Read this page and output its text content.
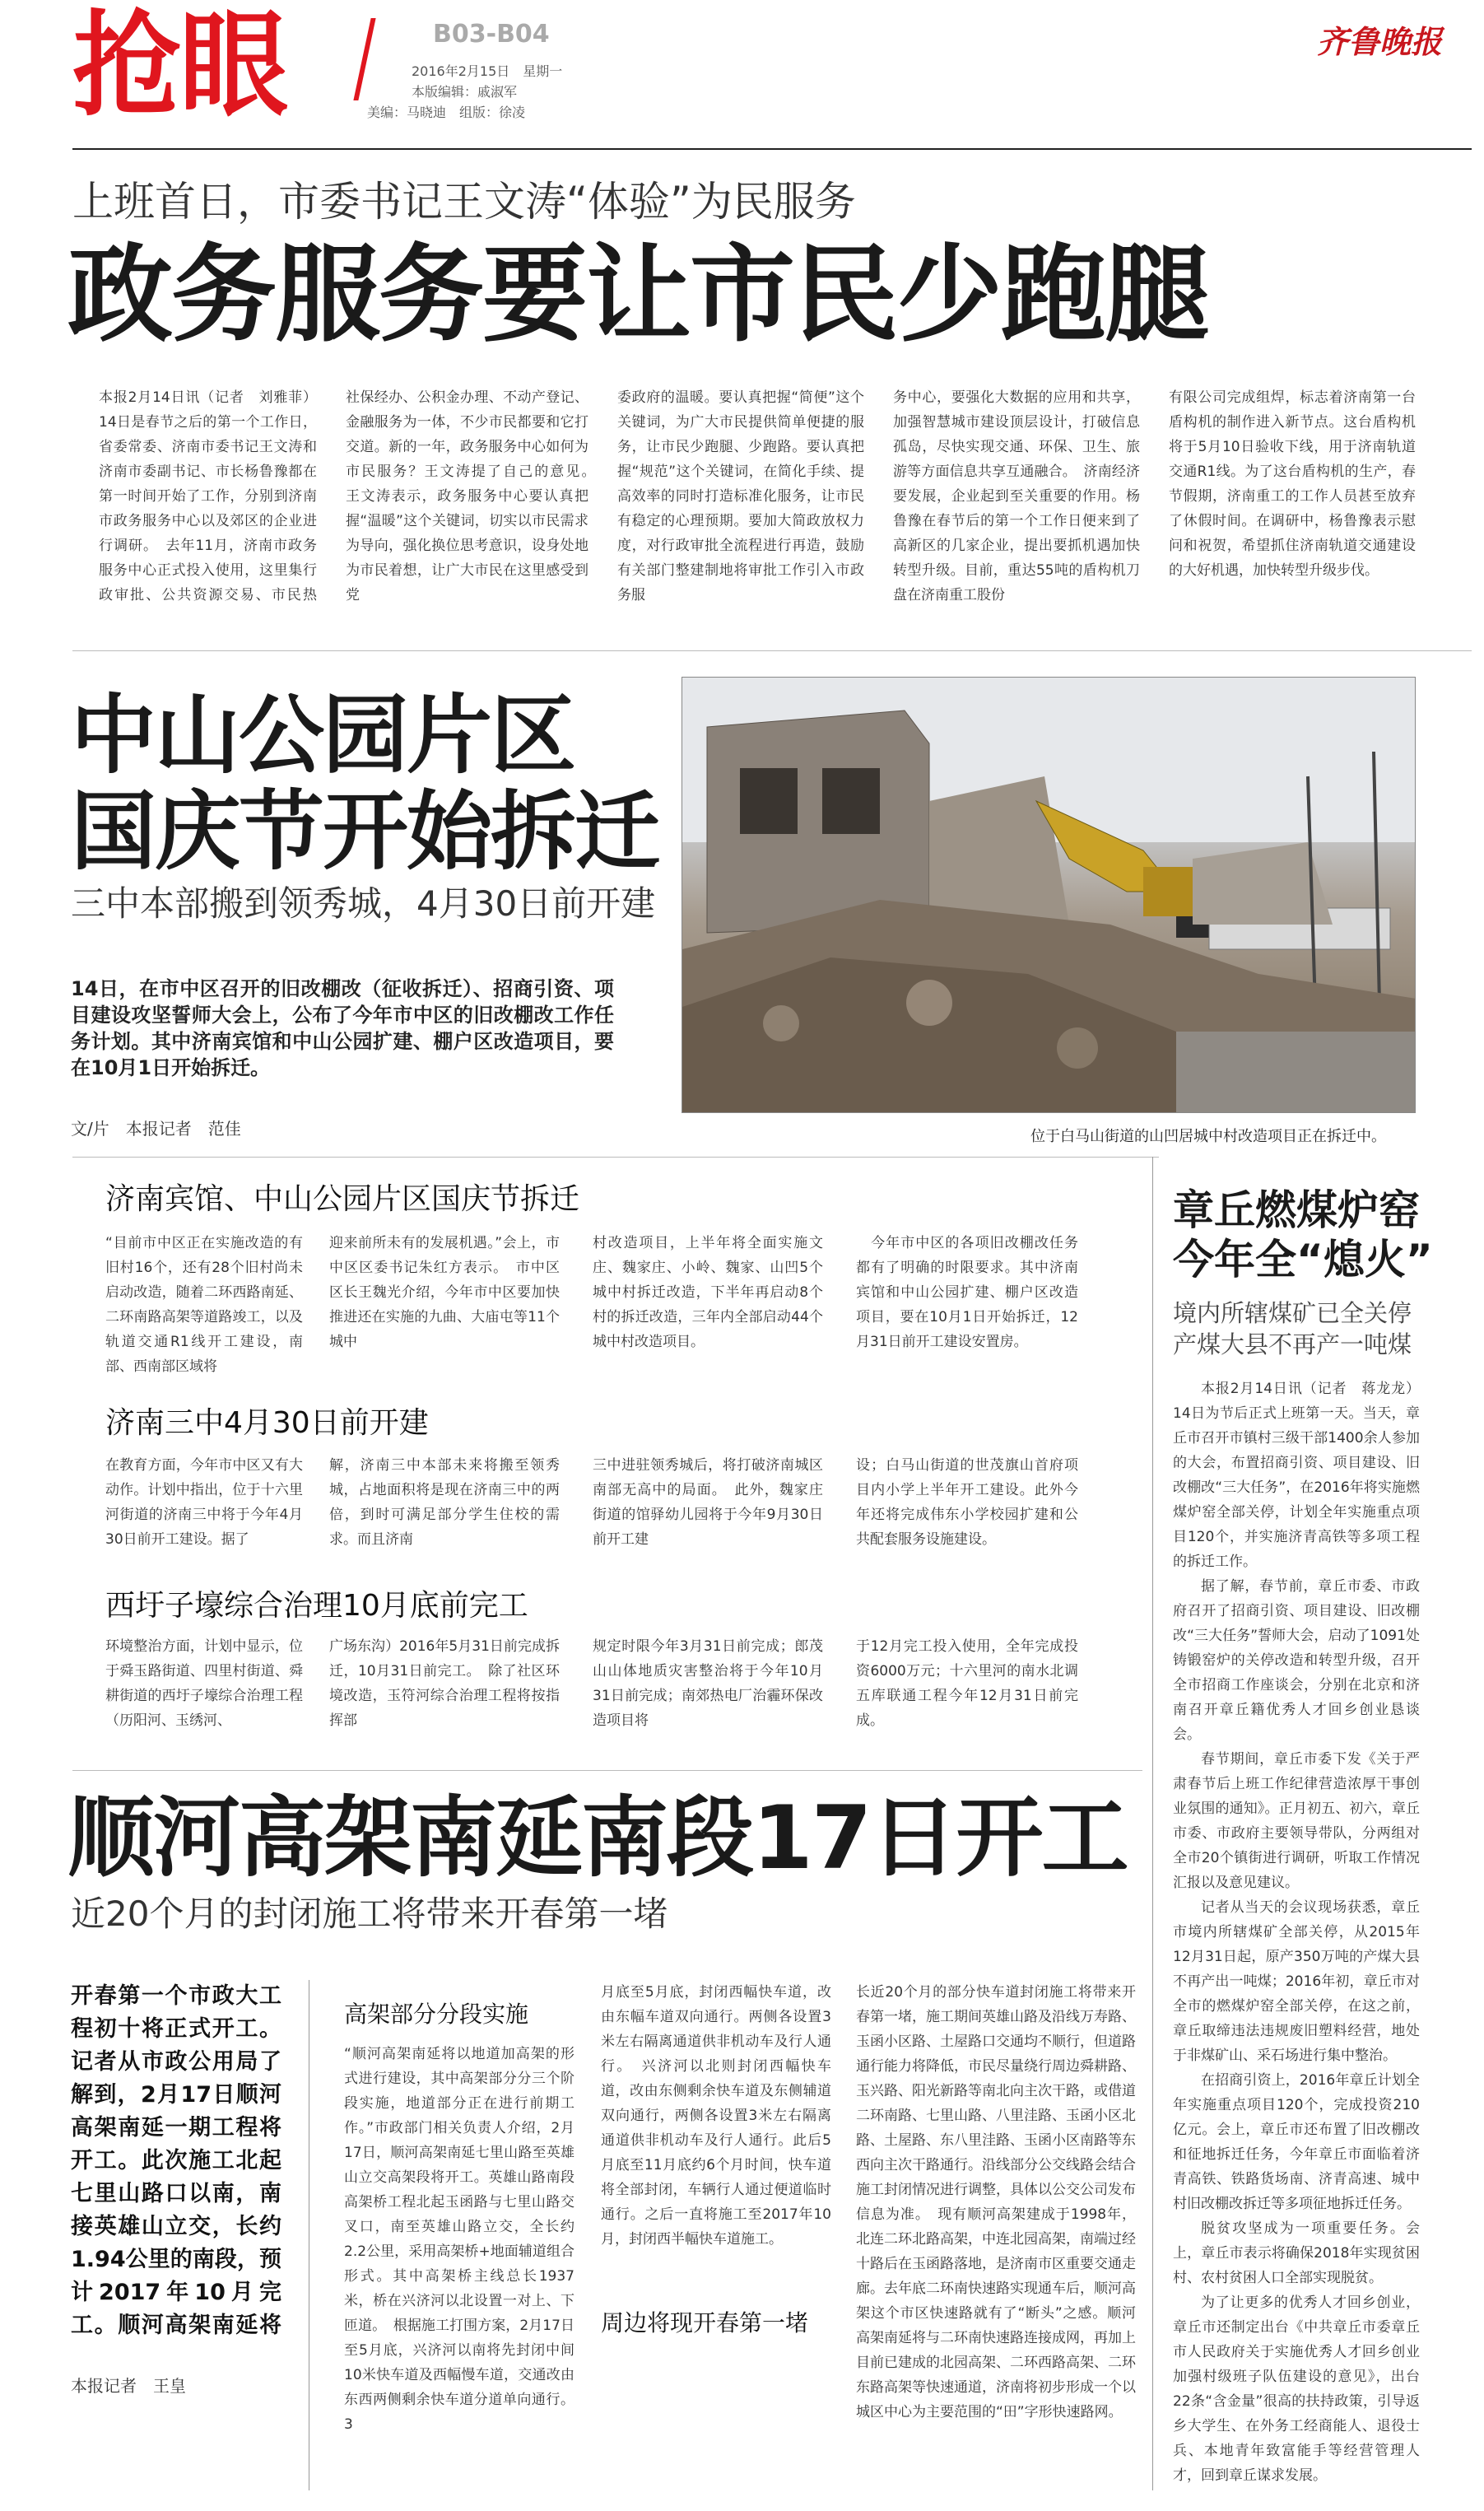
抢眼	B03-B04
2016年2月15日　星期一
本版编辑：戚淑军
美编：马晓迪　组版：徐凌
齐鲁晚报
上班首日，市委书记王文涛“体验”为民服务
政务服务要让市民少跑腿
本报2月14日讯（记者　刘雅菲）14日是春节之后的第一个工作日，省委常委、济南市委书记王文涛和济南市委副书记、市长杨鲁豫都在第一时间开始了工作，分别到济南市政务服务中心以及郊区的企业进行调研。　去年11月，济南市政务服务中心正式投入使用，这里集行政审批、公共资源交易、市民热
社保经办、公积金办理、不动产登记、金融服务为一体，不少市民都要和它打交道。新的一年，政务服务中心如何为市民服务？王文涛提了自己的意见。　王文涛表示，政务服务中心要认真把握“温暖”这个关键词，切实以市民需求为导向，强化换位思考意识，设身处地为市民着想，让广大市民在这里感受到党
委政府的温暖。要认真把握“简便”这个关键词，为广大市民提供简单便捷的服务，让市民少跑腿、少跑路。要认真把握“规范”这个关键词，在简化手续、提高效率的同时打造标准化服务，让市民有稳定的心理预期。要加大简政放权力度，对行政审批全流程进行再造，鼓励有关部门整建制地将审批工作引入市政务服
务中心，要强化大数据的应用和共享，加强智慧城市建设顶层设计，打破信息孤岛，尽快实现交通、环保、卫生、旅游等方面信息共享互通融合。　济南经济要发展，企业起到至关重要的作用。杨鲁豫在春节后的第一个工作日便来到了高新区的几家企业，提出要抓机遇加快转型升级。目前，重达55吨的盾构机刀盘在济南重工股份
有限公司完成组焊，标志着济南第一台盾构机的制作进入新节点。这台盾构机将于5月10日验收下线，用于济南轨道交通R1线。为了这台盾构机的生产，春节假期，济南重工的工作人员甚至放弃了休假时间。在调研中，杨鲁豫表示慰问和祝贺，希望抓住济南轨道交通建设的大好机遇，加快转型升级步伐。
中山公园片区
国庆节开始拆迁
三中本部搬到领秀城，4月30日前开建
14日，在市中区召开的旧改棚改（征收拆迁）、招商引资、项目建设攻坚誓师大会上，公布了今年市中区的旧改棚改工作任务计划。其中济南宾馆和中山公园扩建、棚户区改造项目，要在10月1日开始拆迁。
文/片　本报记者　范佳	位于白马山街道的山凹居城中村改造项目正在拆迁中。
济南宾馆、中山公园片区国庆节拆迁
“目前市中区正在实施改造的有旧村16个，还有28个旧村尚未启动改造，随着二环西路南延、二环南路高架等道路竣工，以及轨道交通R1线开工建设，南部、西南部区域将
迎来前所未有的发展机遇。”会上，市中区区委书记朱红方表示。　市中区区长王魏光介绍，今年市中区要加快推进还在实施的九曲、大庙屯等11个城中
村改造项目，上半年将全面实施文庄、魏家庄、小岭、魏家、山凹5个城中村拆迁改造，下半年再启动8个村的拆迁改造，三年内全部启动44个城中村改造项目。
　今年市中区的各项旧改棚改任务都有了明确的时限要求。其中济南宾馆和中山公园扩建、棚户区改造项目，要在10月1日开始拆迁，12月31日前开工建设安置房。
济南三中4月30日前开建
在教育方面，今年市中区又有大动作。计划中指出，位于十六里河街道的济南三中将于今年4月30日前开工建设。据了
解，济南三中本部未来将搬至领秀城，占地面积将是现在济南三中的两倍，到时可满足部分学生住校的需求。而且济南
三中进驻领秀城后，将打破济南城区南部无高中的局面。　此外，魏家庄街道的馆驿幼儿园将于今年9月30日前开工建
设；白马山街道的世茂旗山首府项目内小学上半年开工建设。此外今年还将完成伟东小学校园扩建和公共配套服务设施建设。
西圩子壕综合治理10月底前完工
环境整治方面，计划中显示，位于舜玉路街道、四里村街道、舜耕街道的西圩子壕综合治理工程（历阳河、玉绣河、
广场东沟）2016年5月31日前完成拆迁，10月31日前完工。　除了社区环境改造，玉符河综合治理工程将按指挥部
规定时限今年3月31日前完成；郎茂山山体地质灾害整治将于今年10月31日前完成；南郊热电厂治霾环保改造项目将
于12月完工投入使用，全年完成投资6000万元；十六里河的南水北调五库联通工程今年12月31日前完成。
章丘燃煤炉窑
今年全“熄火”
境内所辖煤矿已全关停
产煤大县不再产一吨煤

本报2月14日讯（记者　蒋龙龙）14日为节后正式上班第一天。当天，章丘市召开市镇村三级干部1400余人参加的大会，布置招商引资、项目建设、旧改棚改“三大任务”，在2016年将实施燃煤炉窑全部关停，计划全年实施重点项目120个，并实施济青高铁等多项工程的拆迁工作。

据了解，春节前，章丘市委、市政府召开了招商引资、项目建设、旧改棚改“三大任务”誓师大会，启动了1091处铸锻窑炉的关停改造和转型升级，召开全市招商工作座谈会，分别在北京和济南召开章丘籍优秀人才回乡创业恳谈会。

春节期间，章丘市委下发《关于严肃春节后上班工作纪律营造浓厚干事创业氛围的通知》。正月初五、初六，章丘市委、市政府主要领导带队，分两组对全市20个镇街进行调研，听取工作情况汇报以及意见建议。

记者从当天的会议现场获悉，章丘市境内所辖煤矿全部关停，从2015年12月31日起，原产350万吨的产煤大县不再产出一吨煤；2016年初，章丘市对全市的燃煤炉窑全部关停，在这之前，章丘取缔违法违规废旧塑料经营，地处于非煤矿山、采石场进行集中整治。

在招商引资上，2016年章丘计划全年实施重点项目120个，完成投资210亿元。会上，章丘市还布置了旧改棚改和征地拆迁任务，今年章丘市面临着济青高铁、铁路货场南、济青高速、城中村旧改棚改拆迁等多项征地拆迁任务。

脱贫攻坚成为一项重要任务。会上，章丘市表示将确保2018年实现贫困村、农村贫困人口全部实现脱贫。

为了让更多的优秀人才回乡创业，章丘市还制定出台《中共章丘市委章丘市人民政府关于实施优秀人才回乡创业加强村级班子队伍建设的意见》，出台22条“含金量”很高的扶持政策，引导返乡大学生、在外务工经商能人、退役士兵、本地青年致富能手等经营管理人才，回到章丘谋求发展。

顺河高架南延南段17日开工
近20个月的封闭施工将带来开春第一堵
开春第一个市政大工程初十将正式开工。记者从市政公用局了解到，2月17日顺河高架南延一期工程将开工。此次施工北起七里山路口以南，南接英雄山立交，长约1.94公里的南段，预计2017年10月完工。顺河高架南延将
本报记者　王皇
高架部分分段实施
“顺河高架南延将以地道加高架的形式进行建设，其中高架部分分三个阶段实施，地道部分正在进行前期工作。”市政部门相关负责人介绍，2月17日，顺河高架南延七里山路至英雄山立交高架段将开工。英雄山路南段高架桥工程北起玉函路与七里山路交叉口，南至英雄山路立交，全长约2.2公里，采用高架桥+地面辅道组合形式。其中高架桥主线总长1937米，桥在兴济河以北设置一对上、下匝道。　根据施工打围方案，2月17日至5月底，兴济河以南将先封闭中间10米快车道及西幅慢车道，交通改由东西两侧剩余快车道分道单向通行。3
月底至5月底，封闭西幅快车道，改由东幅车道双向通行。两侧各设置3米左右隔离通道供非机动车及行人通行。　兴济河以北则封闭西幅快车道，改由东侧剩余快车道及东侧辅道双向通行，两侧各设置3米左右隔离通道供非机动车及行人通行。此后5月底至11月底约6个月时间，快车道将全部封闭，车辆行人通过便道临时通行。之后一直将施工至2017年10月，封闭西半幅快车道施工。
周边将现开春第一堵
长近20个月的部分快车道封闭施工将带来开春第一堵，施工期间英雄山路及沿线万寿路、玉函小区路、土屋路口交通均不顺行，但道路通行能力将降低，市民尽量绕行周边舜耕路、玉兴路、阳光新路等南北向主次干路，或借道二环南路、七里山路、八里洼路、玉函小区北路、土屋路、东八里洼路、玉函小区南路等东西向主次干路通行。沿线部分公交线路会结合施工封闭情况进行调整，具体以公交公司发布信息为准。　现有顺河高架建成于1998年，北连二环北路高架，中连北园高架，南端过经十路后在玉函路落地，是济南市区重要交通走廊。去年底二环南快速路实现通车后，顺河高架这个市区快速路就有了“断头”之感。顺河高架南延将与二环南快速路连接成网，再加上目前已建成的北园高架、二环西路高架、二环东路高架等快速通道，济南将初步形成一个以城区中心为主要范围的“田”字形快速路网。
